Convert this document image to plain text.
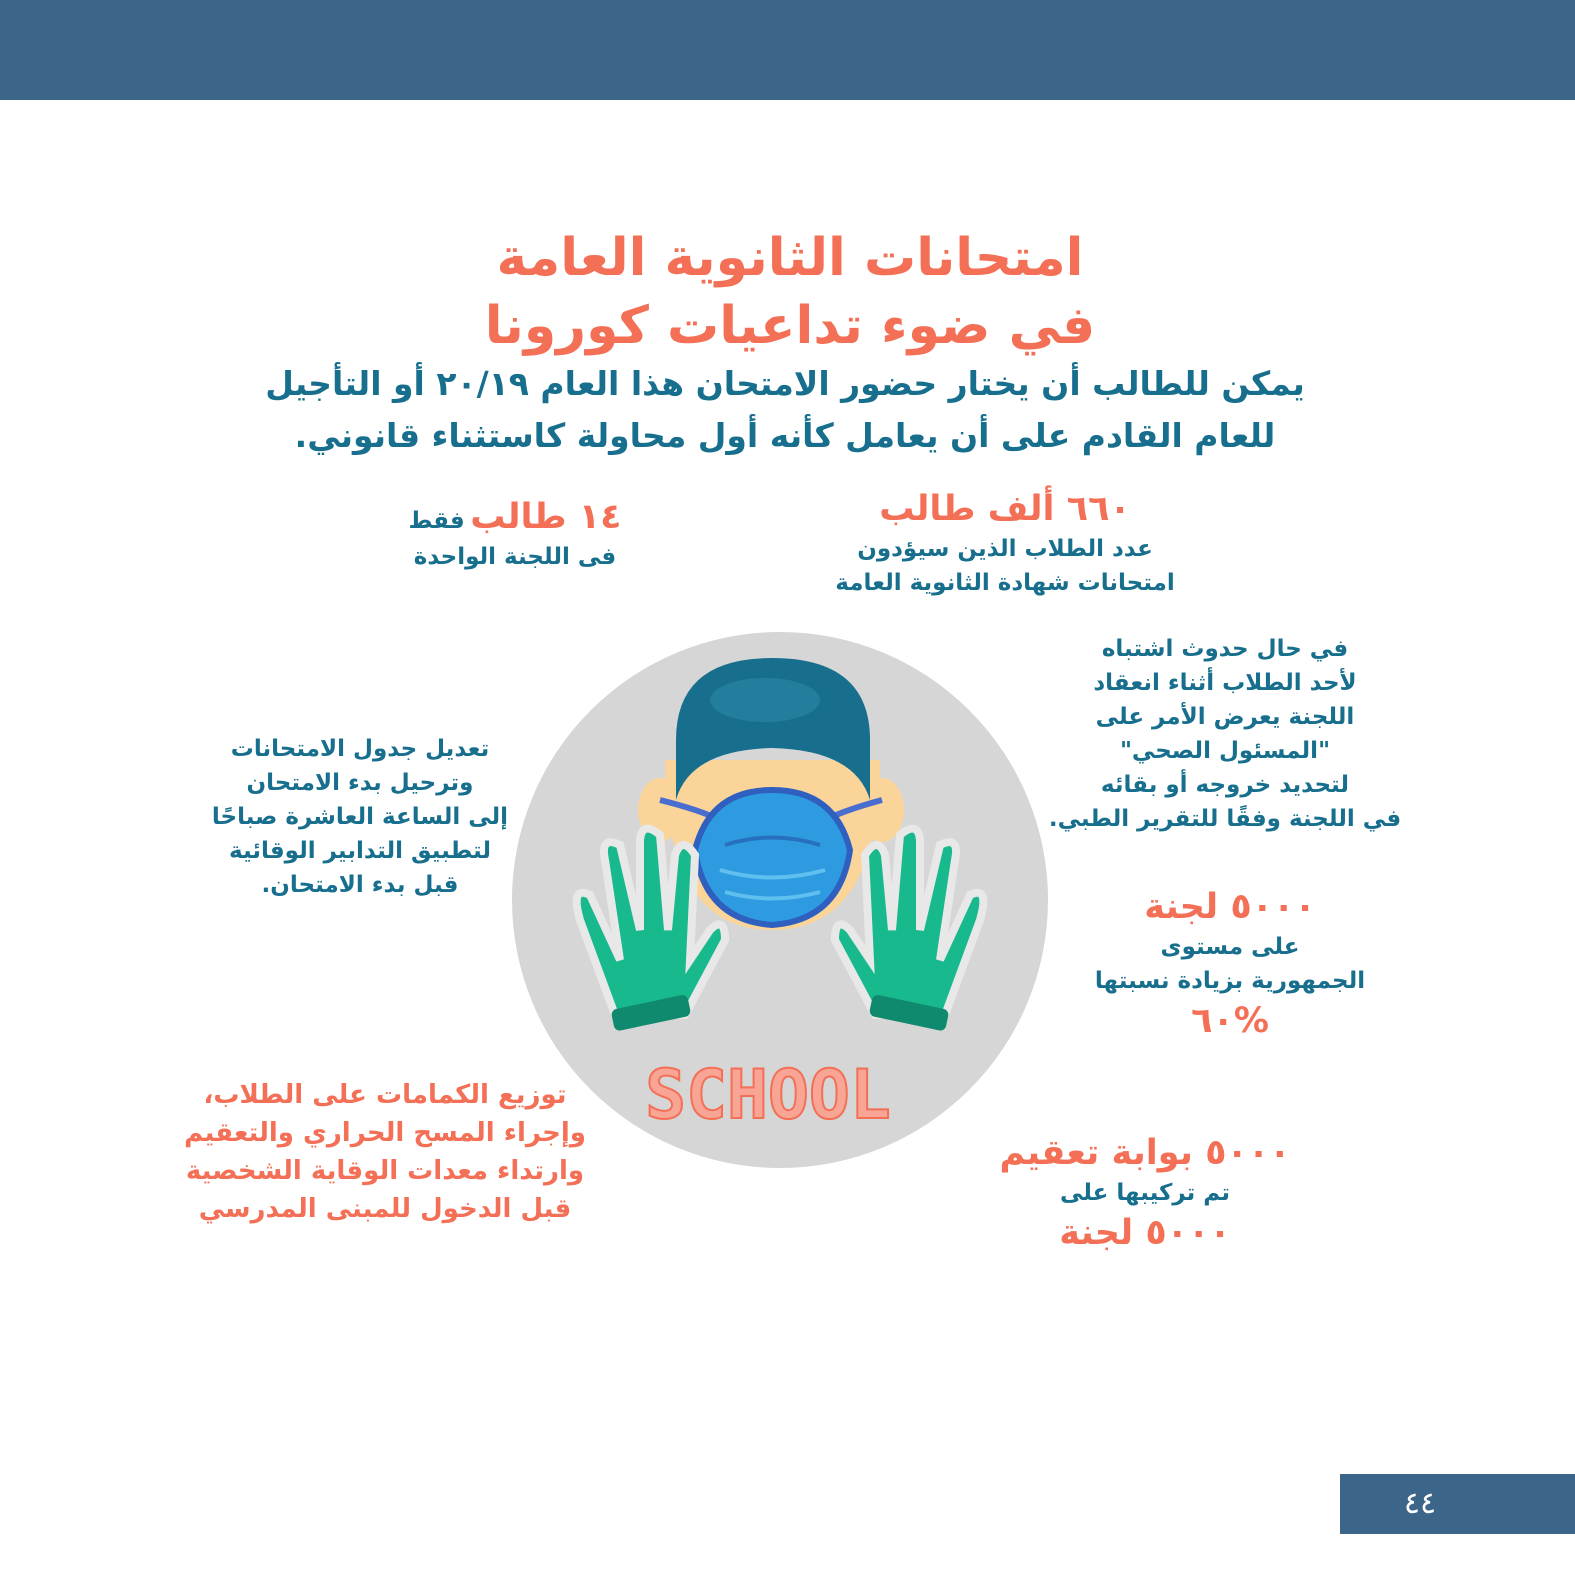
امتحانات الثانوية العامة
في ضوء تداعيات كورونا
يمكن للطالب أن يختار حضور الامتحان هذا العام ٢٠/١٩ أو التأجيل
للعام القادم على أن يعامل كأنه أول محاولة كاستثناء قانوني.
٦٦٠ ألف طالب
عدد الطلاب الذين سيؤدون
امتحانات شهادة الثانوية العامة
١٤ طالب فقط
فى اللجنة الواحدة
في حال حدوث اشتباه
لأحد الطلاب أثناء انعقاد
اللجنة يعرض الأمر على
"المسئول الصحي"
لتحديد خروجه أو بقائه
في اللجنة وفقًا للتقرير الطبي.
تعديل جدول الامتحانات
وترحيل بدء الامتحان
إلى الساعة العاشرة صباحًا
لتطبيق التدابير الوقائية
قبل بدء الامتحان.
٥٠٠٠ لجنة
على مستوى
الجمهورية بزيادة نسبتها
%٦٠
توزيع الكمامات على الطلاب،
وإجراء المسح الحراري والتعقيم
وارتداء معدات الوقاية الشخصية
قبل الدخول للمبنى المدرسي
٥٠٠٠ بوابة تعقيم
تم تركيبها على
٥٠٠٠ لجنة
SCHOOL
٤٤
